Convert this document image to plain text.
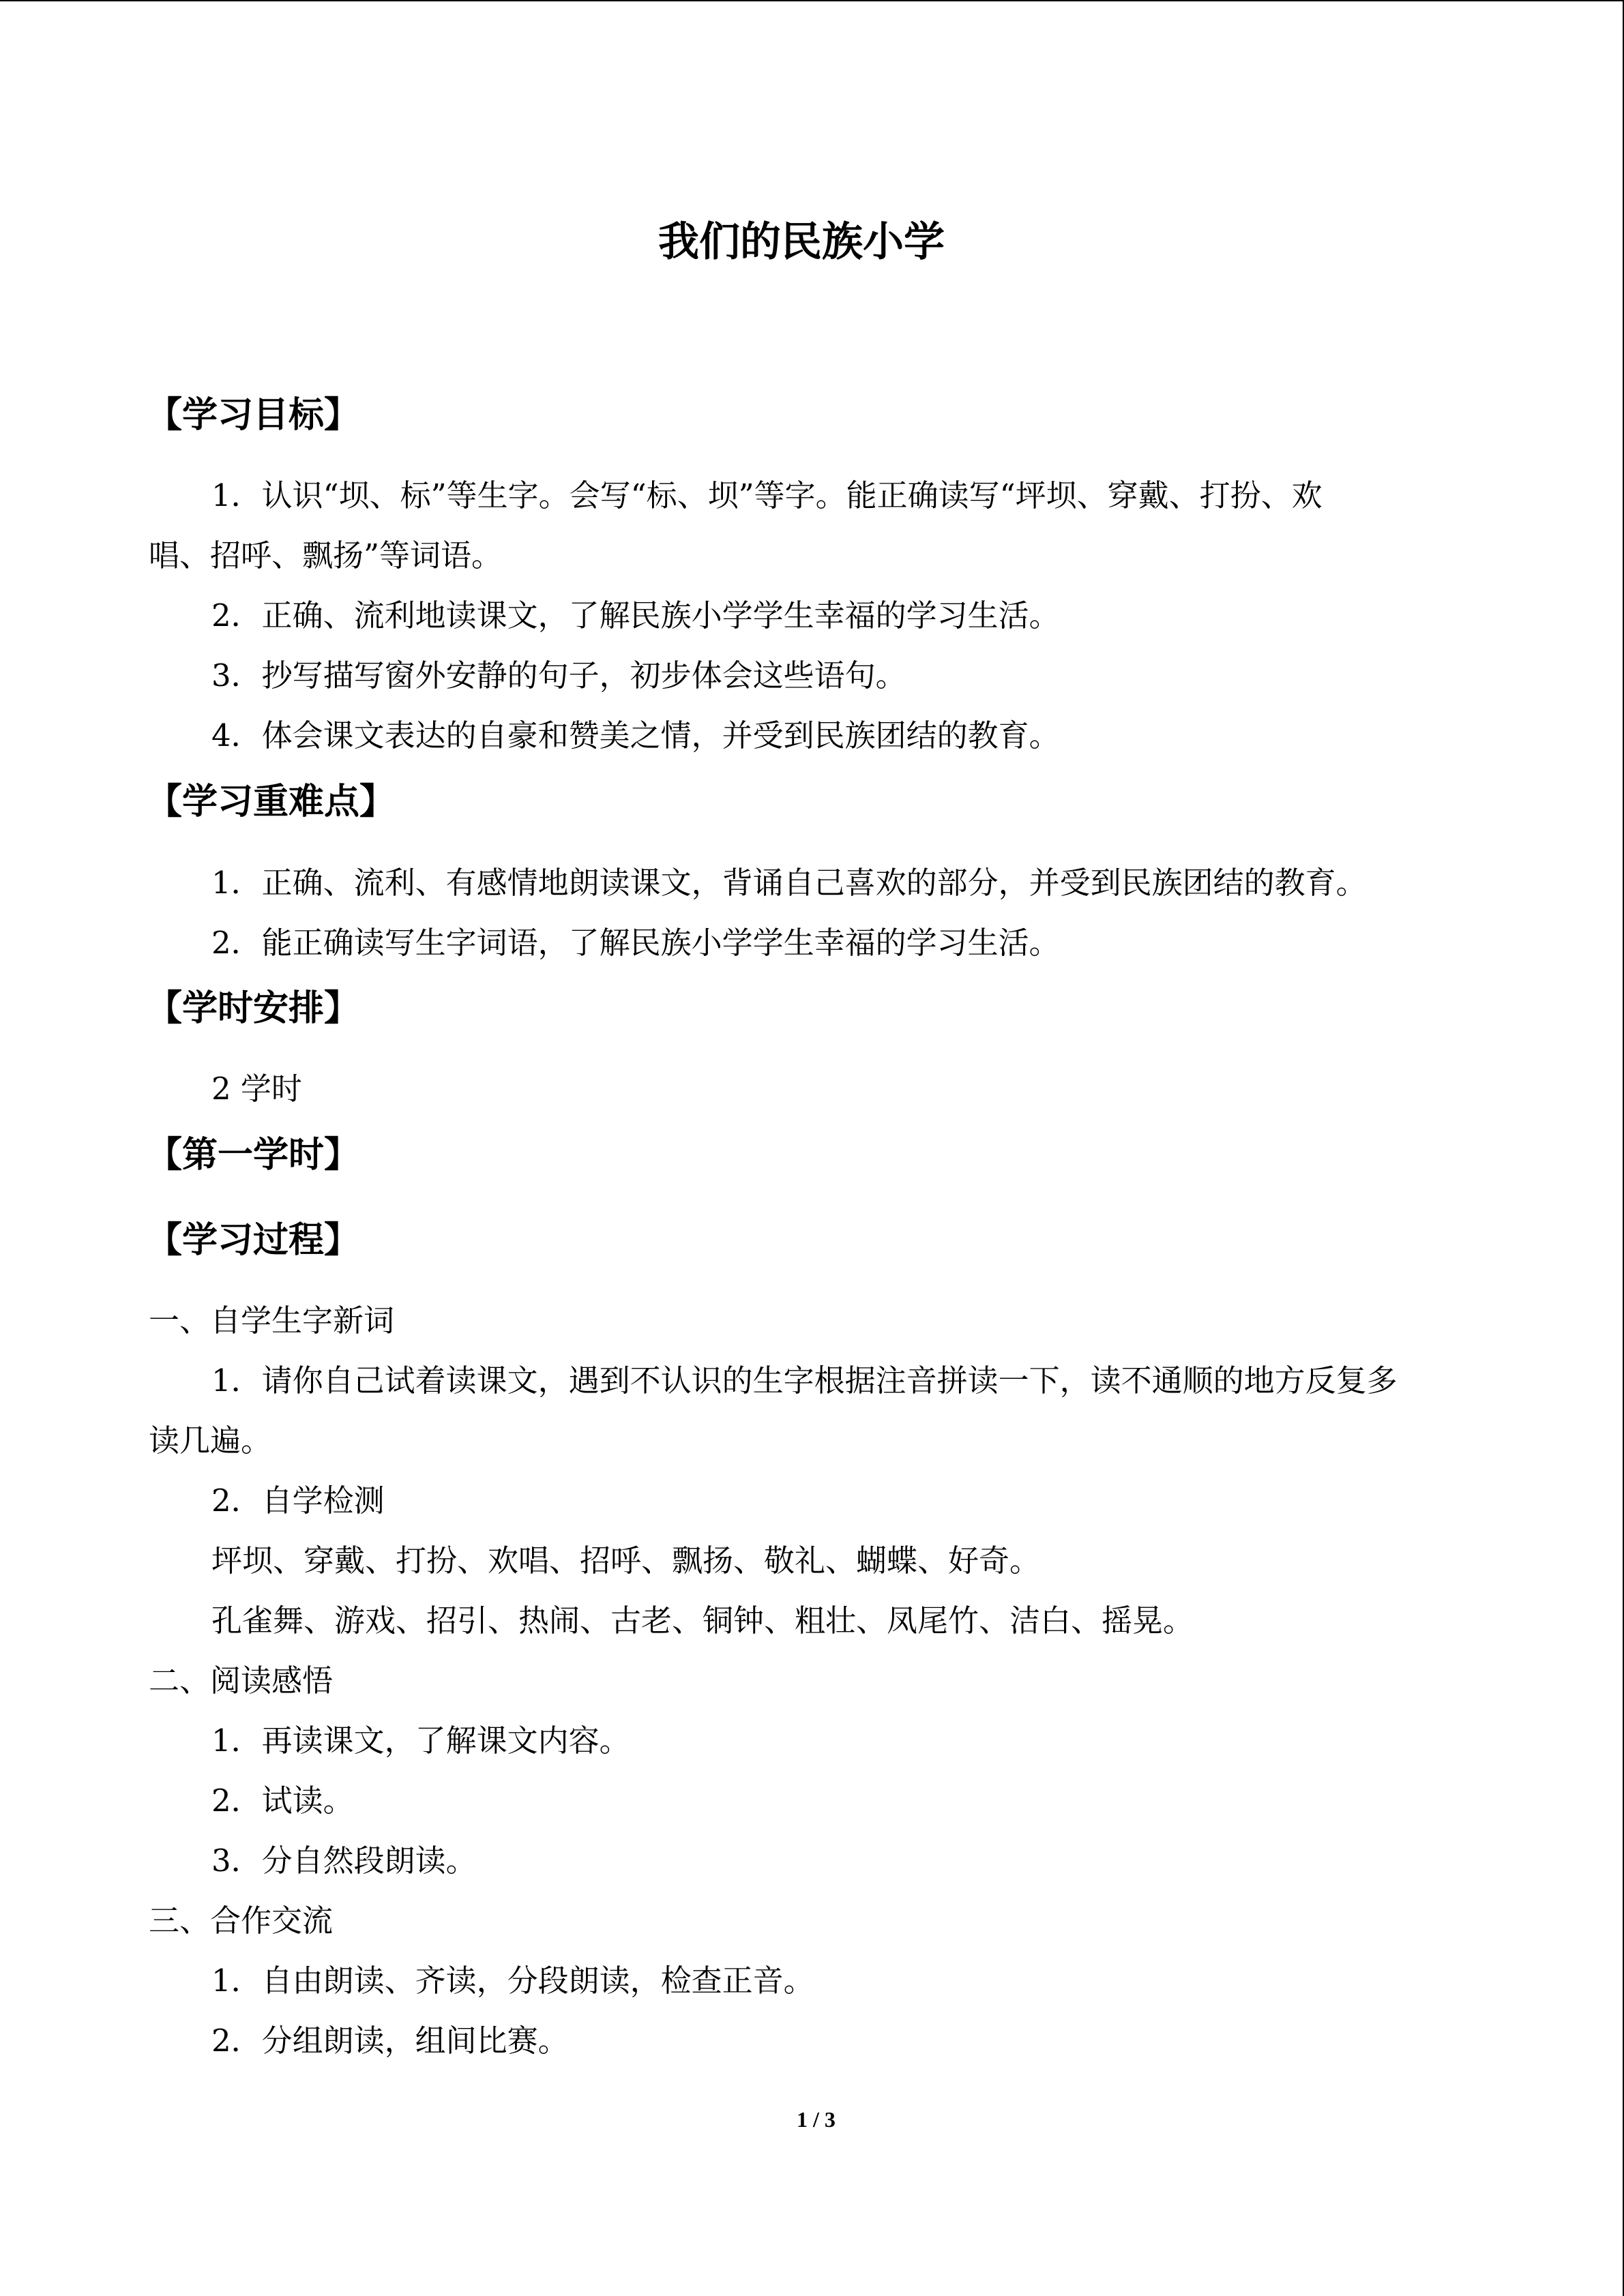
我们的民族小学
【学习目标】
1．认识“坝、标”等生字。会写“标、坝”等字。能正确读写“坪坝、穿戴、打扮、欢
唱、招呼、飘扬”等词语。
2．正确、流利地读课文，了解民族小学学生幸福的学习生活。
3．抄写描写窗外安静的句子，初步体会这些语句。
4．体会课文表达的自豪和赞美之情，并受到民族团结的教育。
【学习重难点】
1．正确、流利、有感情地朗读课文，背诵自己喜欢的部分，并受到民族团结的教育。
2．能正确读写生字词语，了解民族小学学生幸福的学习生活。
【学时安排】
2 学时
【第一学时】
【学习过程】
一、自学生字新词
1．请你自己试着读课文，遇到不认识的生字根据注音拼读一下，读不通顺的地方反复多
读几遍。
2．自学检测
坪坝、穿戴、打扮、欢唱、招呼、飘扬、敬礼、蝴蝶、好奇。
孔雀舞、游戏、招引、热闹、古老、铜钟、粗壮、凤尾竹、洁白、摇晃。
二、阅读感悟
1．再读课文，了解课文内容。
2．试读。
3．分自然段朗读。
三、合作交流
1．自由朗读、齐读，分段朗读，检查正音。
2．分组朗读，组间比赛。
1 / 3
